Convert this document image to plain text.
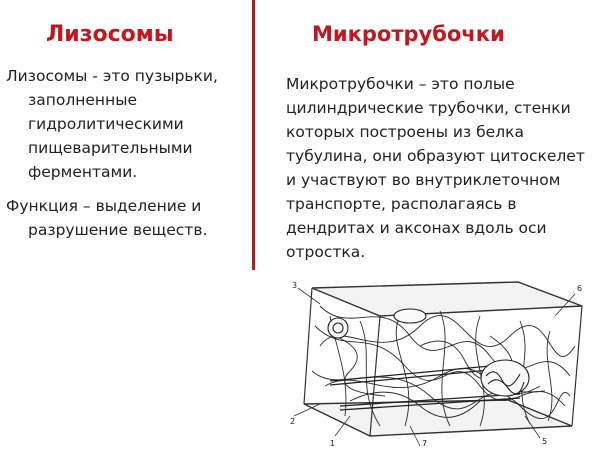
Лизосомы	Микротрубочки
Лизосомы - это пузырьки,
заполненные
гидролитическими
пищеварительными
ферментами.
Функция – выделение и
разрушение веществ.
Микротрубочки – это полые
цилиндрические трубочки, стенки
которых построены из белка
тубулина, они образуют цитоскелет
и участвуют во внутриклеточном
транспорте, располагаясь в
дендритах и аксонах вдоль оси
отростка.
3
1
2
7	5
6
